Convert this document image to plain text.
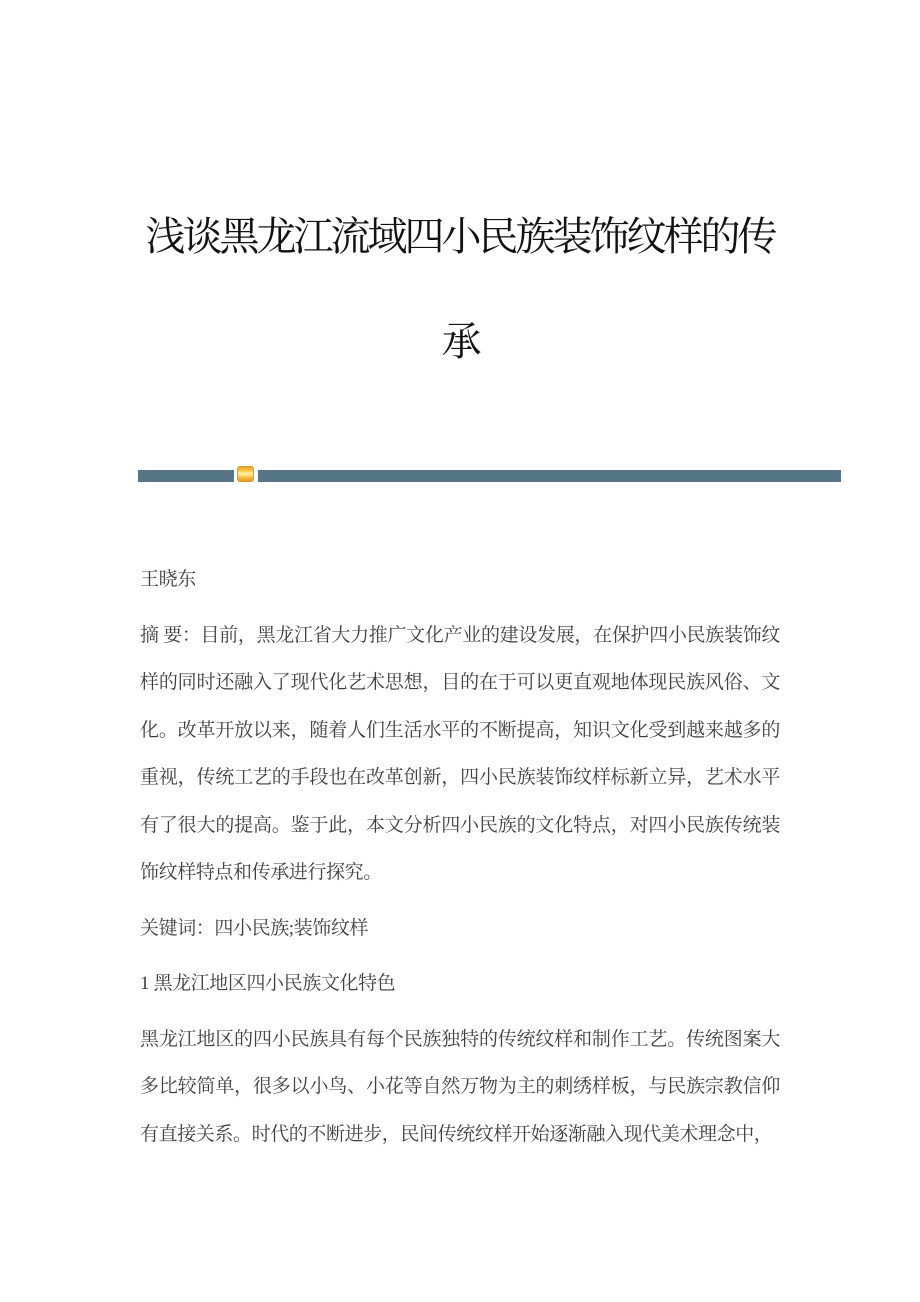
浅谈黑龙江流域四小民族装饰纹样的传
承

王晓东

摘 要：目前，黑龙江省大力推广文化产业的建设发展，在保护四小民族装饰纹样的同时还融入了现代化艺术思想，目的在于可以更直观地体现民族风俗、文化。改革开放以来，随着人们生活水平的不断提高，知识文化受到越来越多的重视，传统工艺的手段也在改革创新，四小民族装饰纹样标新立异，艺术水平有了很大的提高。鉴于此，本文分析四小民族的文化特点，对四小民族传统装饰纹样特点和传承进行探究。

关键词：四小民族;装饰纹样

1 黑龙江地区四小民族文化特色

黑龙江地区的四小民族具有每个民族独特的传统纹样和制作工艺。传统图案大多比较简单，很多以小鸟、小花等自然万物为主的刺绣样板，与民族宗教信仰有直接关系。时代的不断进步，民间传统纹样开始逐渐融入现代美术理念中，
